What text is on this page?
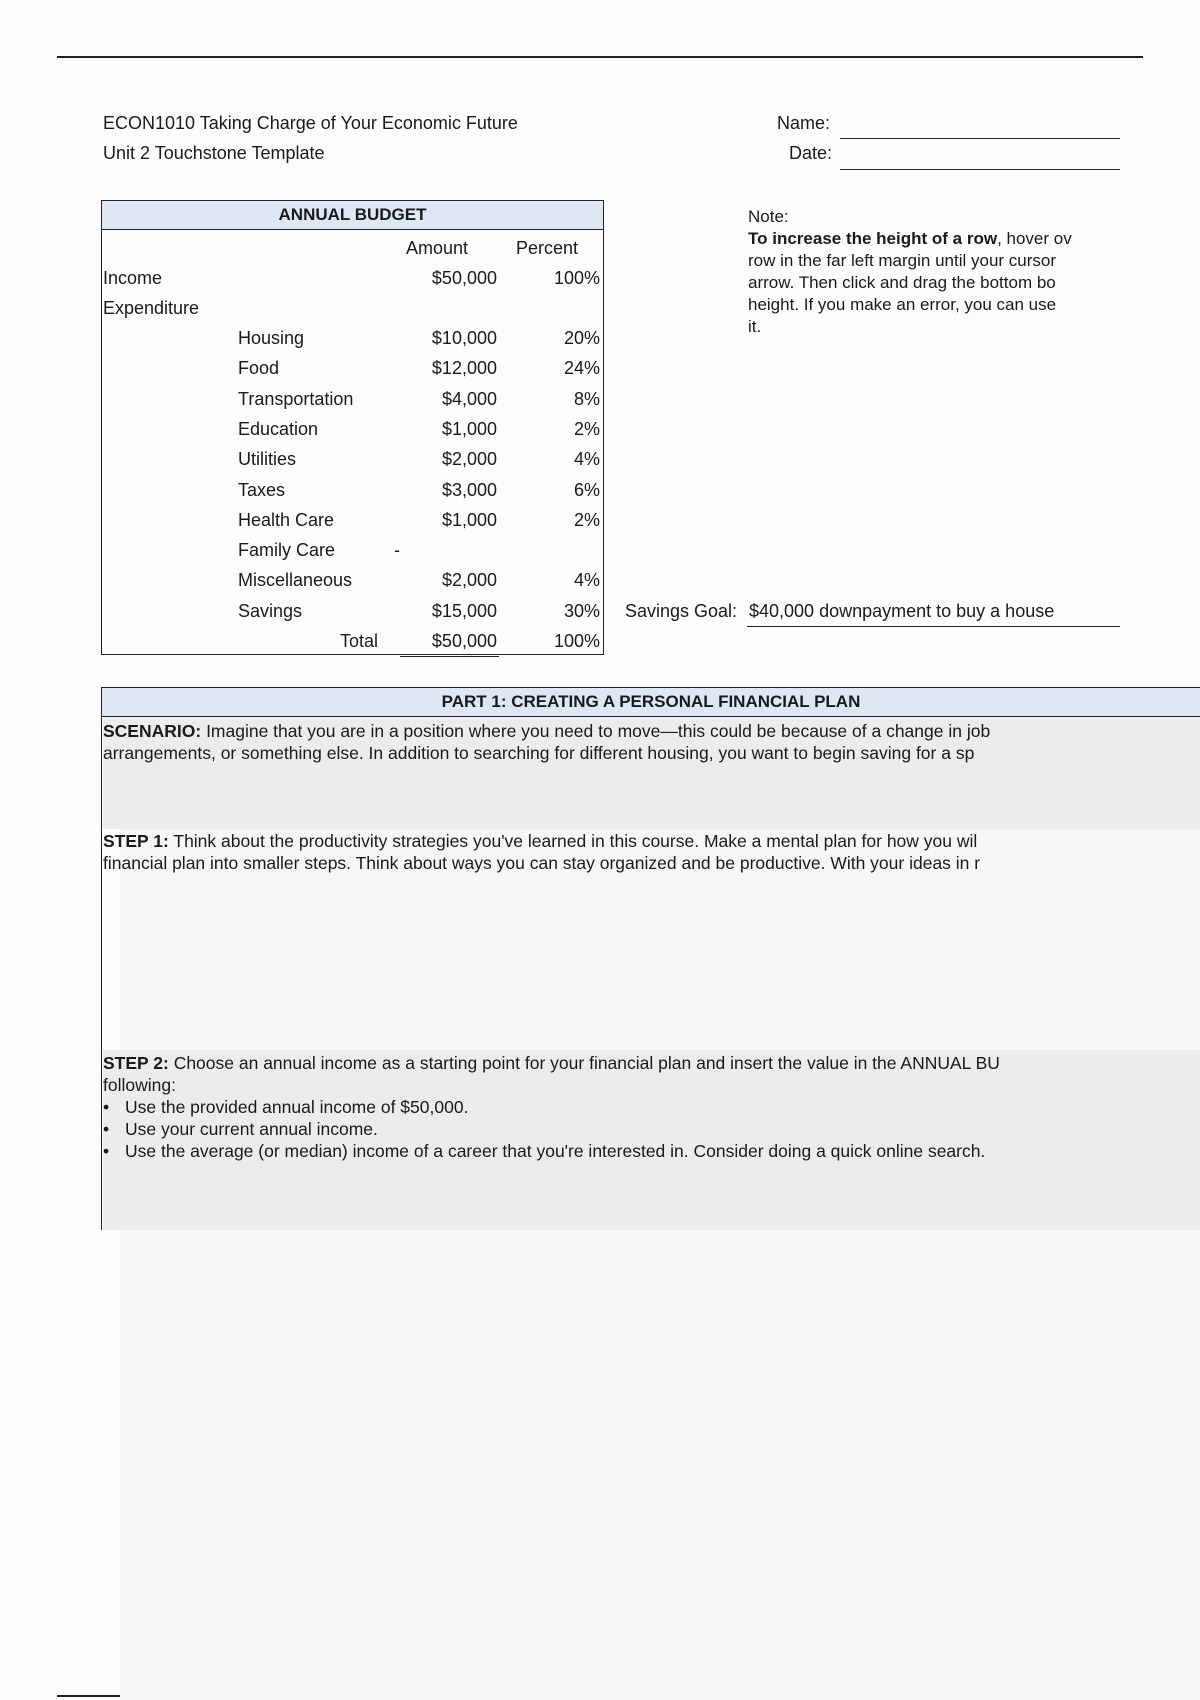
ECON1010 Taking Charge of Your Economic Future
Unit 2 Touchstone Template
Name:
Date:
ANNUAL BUDGET
Amount	Percent
Income	$50,000	100%
Expenditure
Housing	$10,000	20%
Food	$12,000	24%
Transportation	$4,000	8%
Education	$1,000	2%
Utilities	$2,000	4%
Taxes	$3,000	6%
Health Care	$1,000	2%
Family Care	-
Miscellaneous	$2,000	4%
Savings	$15,000	30%
Total	$50,000	100%
Savings Goal: $40,000 downpayment to buy a house

Note:

To increase the height of a row, hover ov

row in the far left margin until your cursor

arrow. Then click and drag the bottom bo

height. If you make an error, you can use

it.

PART 1: CREATING A PERSONAL FINANCIAL PLAN

SCENARIO: Imagine that you are in a position where you need to move—this could be because of a change in job

arrangements, or something else. In addition to searching for different housing, you want to begin saving for a sp

STEP 1: Think about the productivity strategies you've learned in this course. Make a mental plan for how you wil

financial plan into smaller steps. Think about ways you can stay organized and be productive. With your ideas in r

STEP 2: Choose an annual income as a starting point for your financial plan and insert the value in the ANNUAL BU

following:

• Use the provided annual income of $50,000.

• Use your current annual income.

• Use the average (or median) income of a career that you're interested in. Consider doing a quick online search.
